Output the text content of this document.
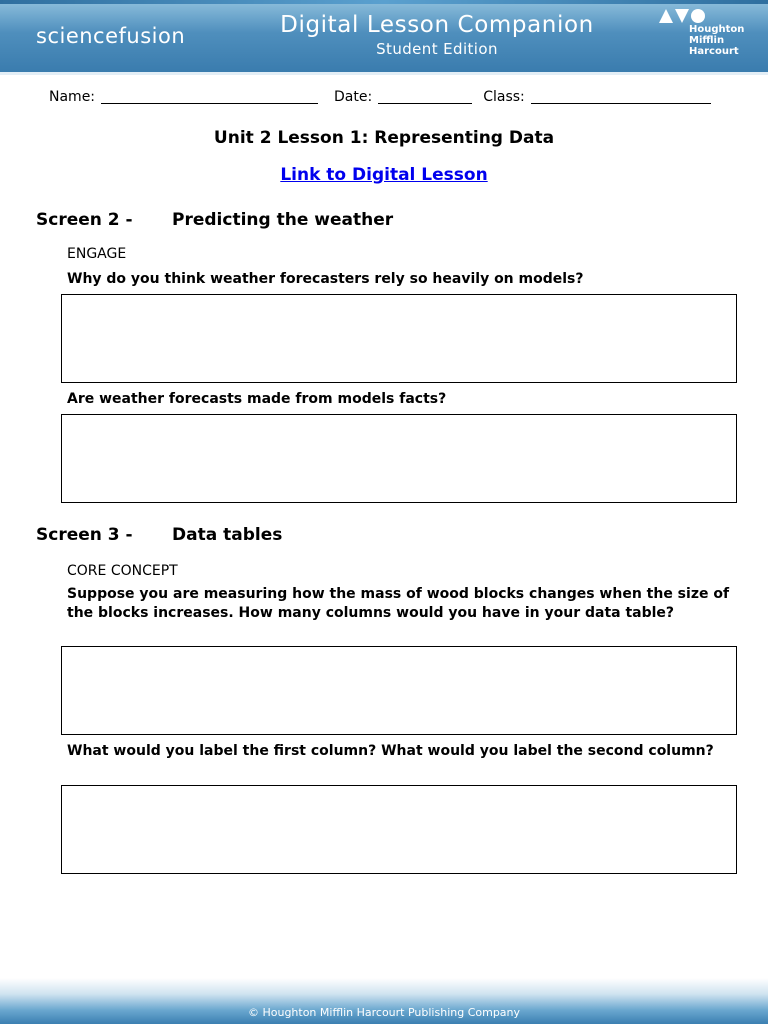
sciencefusion	Digital Lesson Companion
Student Edition
Houghton
Mifflin
Harcourt
Name:	Date:	Class:
Unit 2 Lesson 1: Representing Data
Link to Digital Lesson
Screen 2 - Predicting the weather
ENGAGE
Why do you think weather forecasters rely so heavily on models?
Are weather forecasts made from models facts?
Screen 3 - Data tables
CORE CONCEPT
Suppose you are measuring how the mass of wood blocks changes when the size of the blocks increases. How many columns would you have in your data table?
What would you label the first column? What would you label the second column?
© Houghton Mifflin Harcourt Publishing Company
